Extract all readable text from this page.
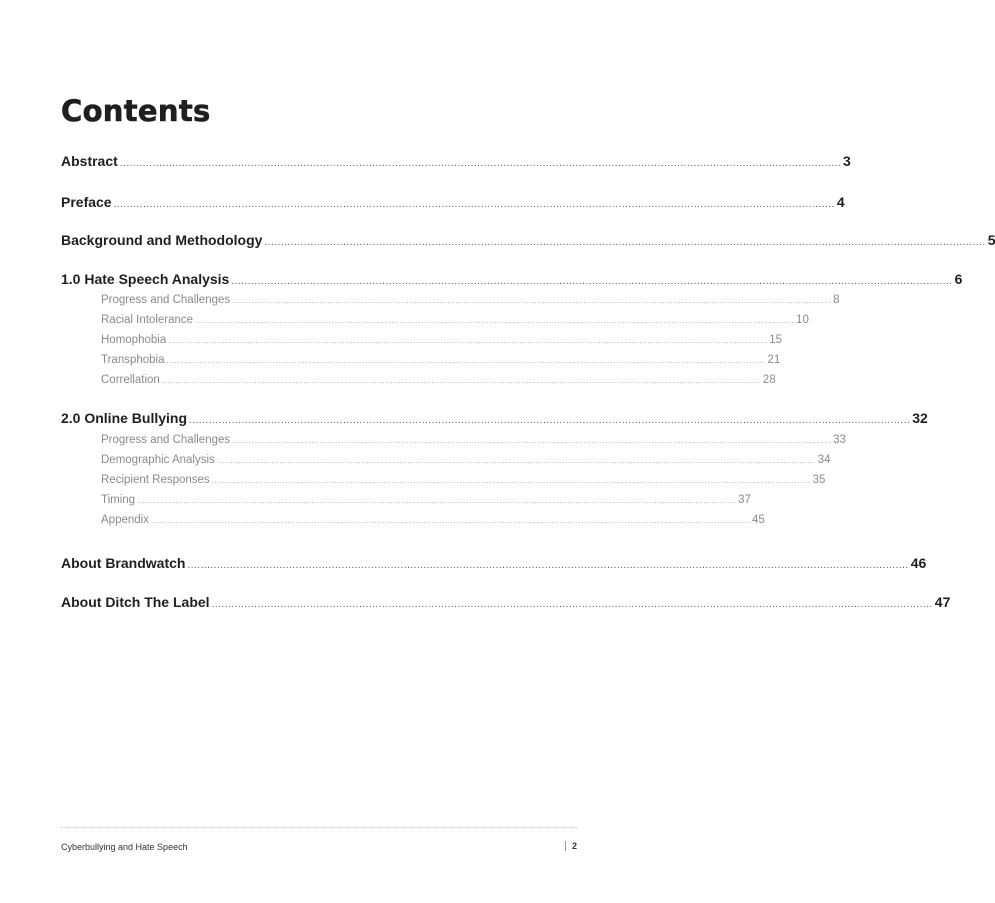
Contents
Abstract ............................................................................................................................................................................................................................ 3
Preface ............................................................................................................................................................................................................................ 4
Background and Methodology ............................................................................................................................................................................................................................ 5
1.0 Hate Speech Analysis ............................................................................................................................................................................................................................ 6
Progress and Challenges ............................................................................................................................................................................................................................ 8
Racial Intolerance ............................................................................................................................................................................................................................ 10
Homophobia ............................................................................................................................................................................................................................ 15
Transphobia ............................................................................................................................................................................................................................ 21
Correllation ............................................................................................................................................................................................................................ 28
2.0 Online Bullying ............................................................................................................................................................................................................................ 32
Progress and Challenges ............................................................................................................................................................................................................................ 33
Demographic Analysis ............................................................................................................................................................................................................................ 34
Recipient Responses ............................................................................................................................................................................................................................ 35
Timing ............................................................................................................................................................................................................................ 37
Appendix ............................................................................................................................................................................................................................ 45
About Brandwatch ............................................................................................................................................................................................................................ 46
About Ditch The Label ............................................................................................................................................................................................................................ 47
Cyberbullying and Hate Speech	2
